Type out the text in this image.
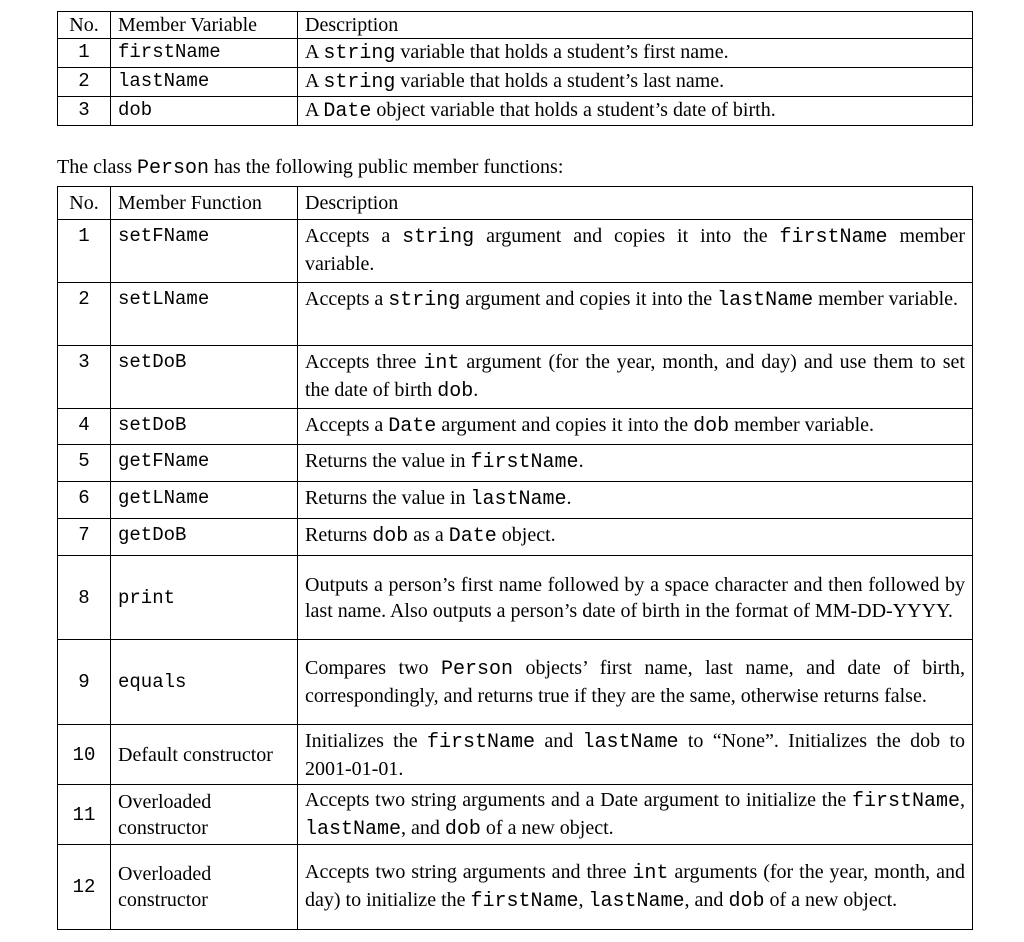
No.	Member Variable	Description
1	firstName	A string variable that holds a student’s first name.
2	lastName	A string variable that holds a student’s last name.
3	dob	A Date object variable that holds a student’s date of birth.

The class Person has the following public member functions:

No.	Member Function	Description
1	setFName	Accepts a string argument and copies it into the firstName member variable.
2	setLName	Accepts a string argument and copies it into the lastName member variable.
3	setDoB	Accepts three int argument (for the year, month, and day) and use them to set the date of birth dob.
4	setDoB	Accepts a Date argument and copies it into the dob member variable.
5	getFName	Returns the value in firstName.
6	getLName	Returns the value in lastName.
7	getDoB	Returns dob as a Date object.
8	print	Outputs a person’s first name followed by a space character and then followed by last name. Also outputs a person’s date of birth in the format of MM-DD-YYYY.
9	equals	Compares two Person objects’ first name, last name, and date of birth, correspondingly, and returns true if they are the same, otherwise returns false.
10	Default constructor	Initializes the firstName and lastName to “None”. Initializes the dob to 2001-01-01.
11	Overloaded constructor	Accepts two string arguments and a Date argument to initialize the firstName, lastName, and dob of a new object.
12	Overloaded constructor	Accepts two string arguments and three int arguments (for the year, month, and day) to initialize the firstName, lastName, and dob of a new object.
